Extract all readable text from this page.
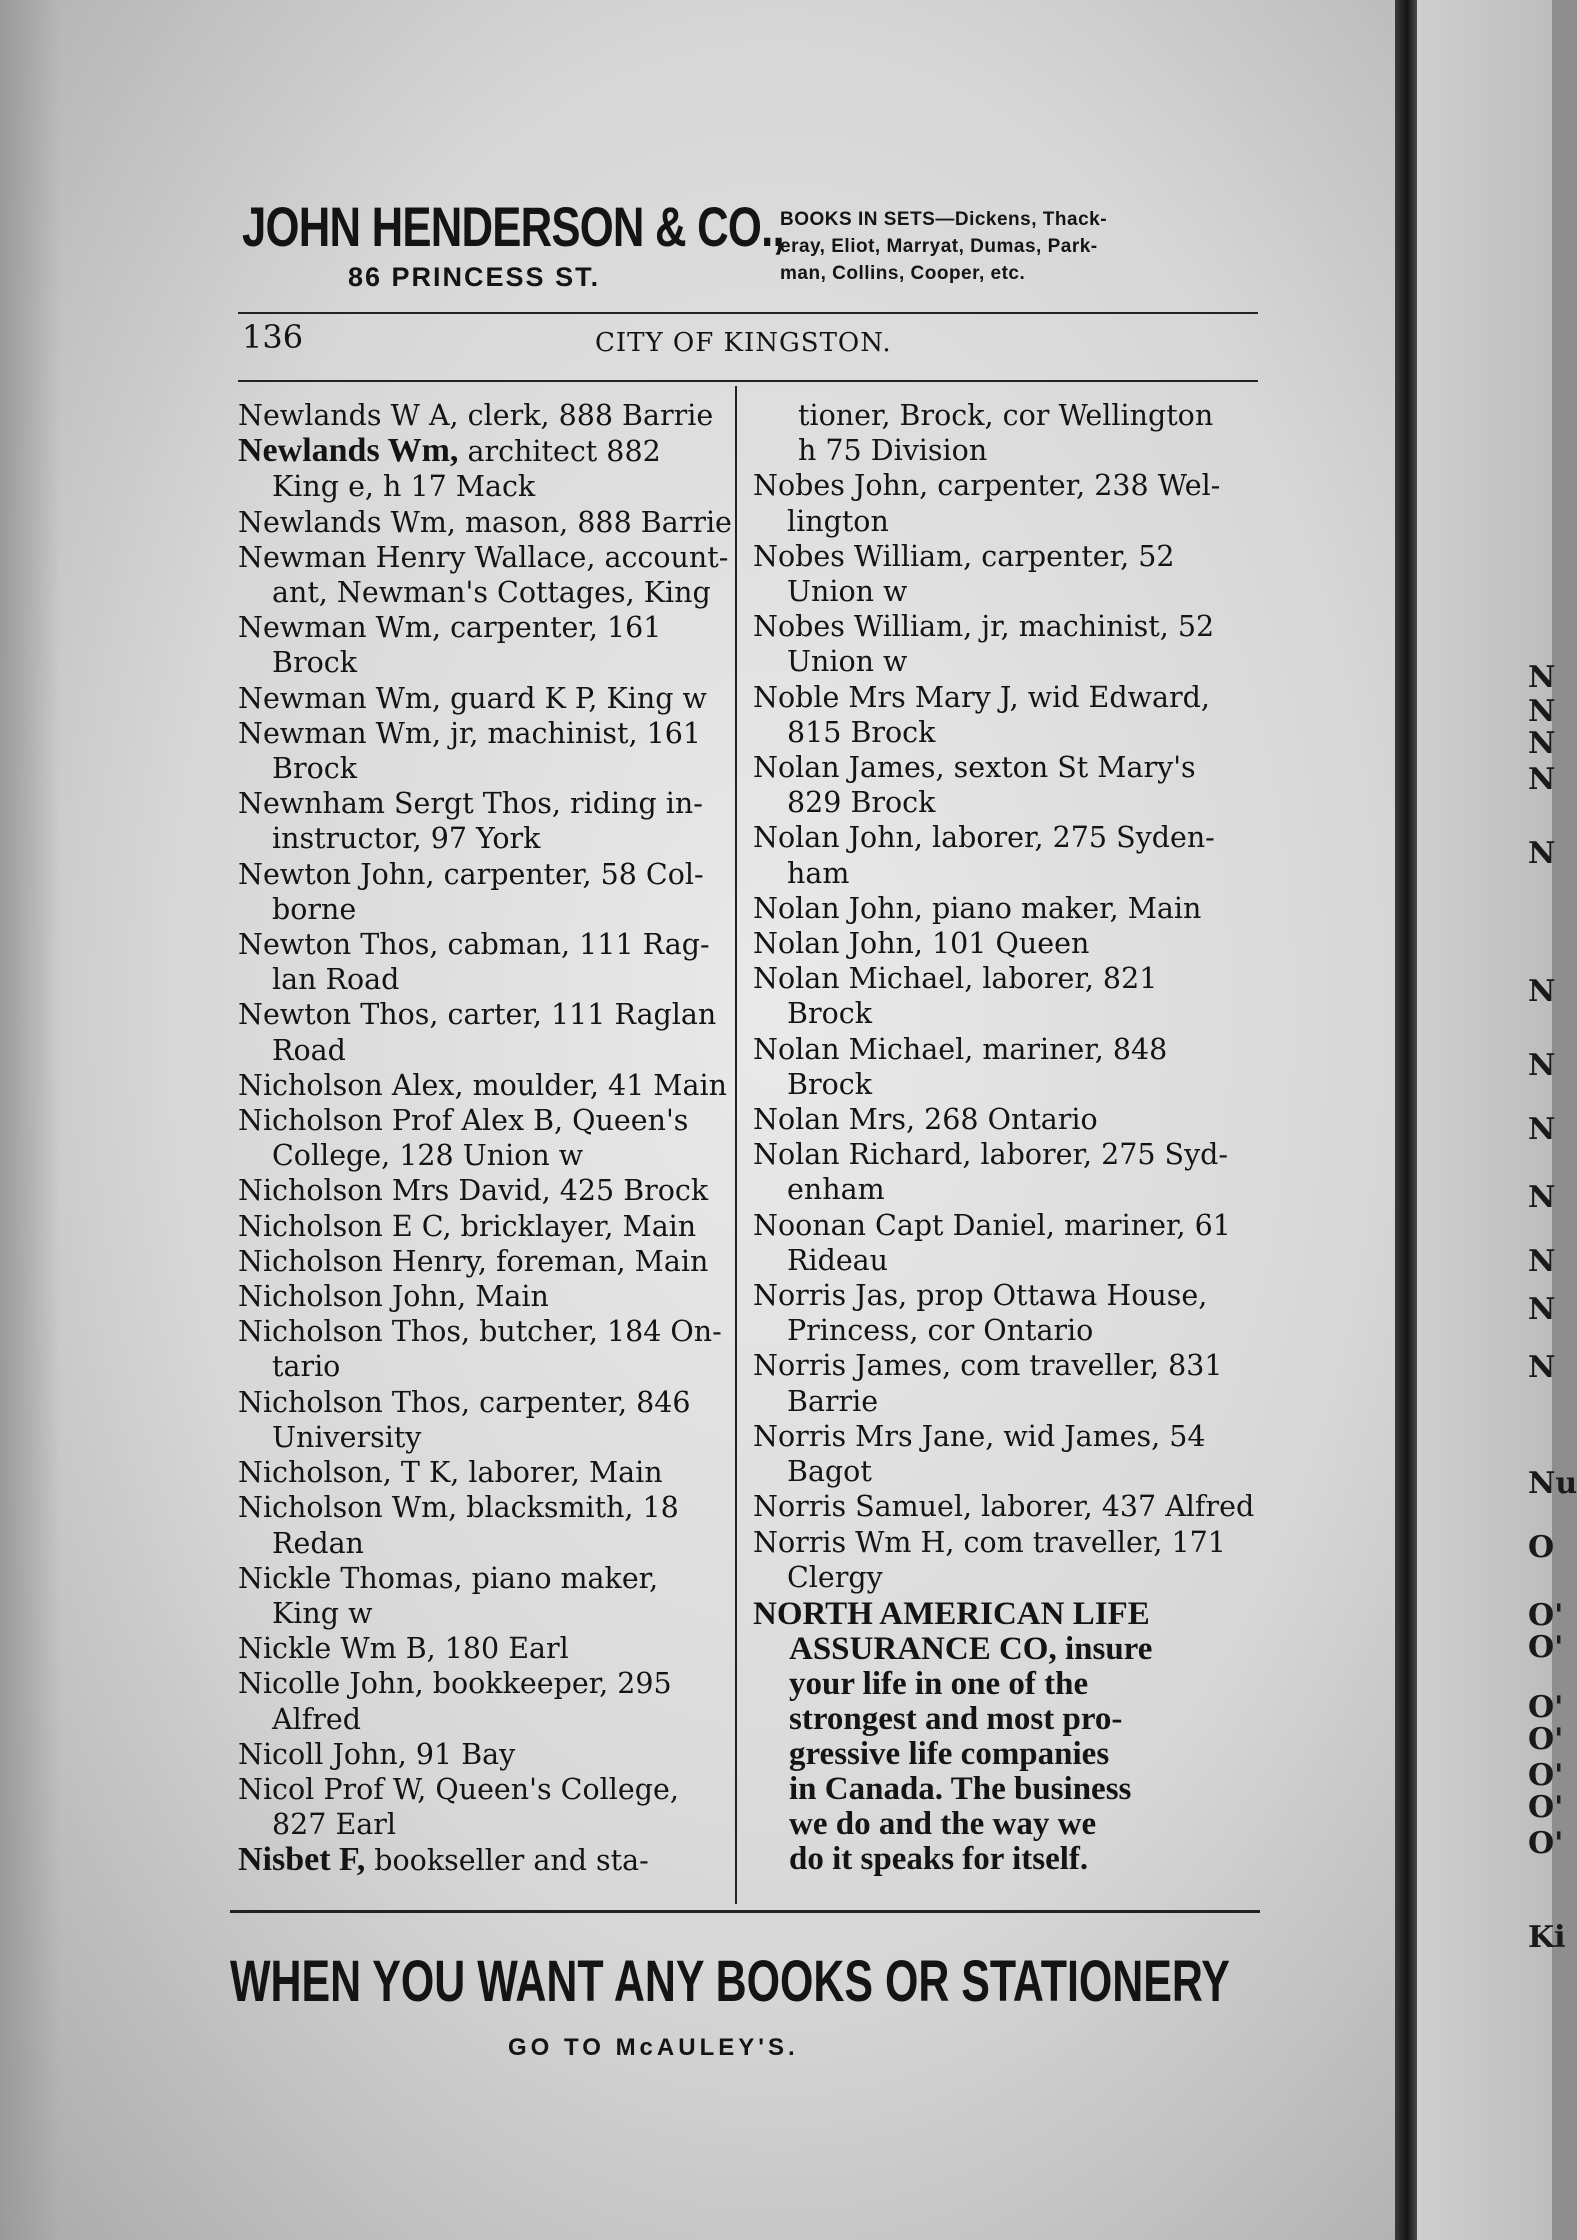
N
N
N
N
N
N
N
N
N
N
N
N
Nu
O
O'
O'
O'
O'
O'
O'
O'
Ki
JOHN HENDERSON & CO.,
86 PRINCESS ST.
BOOKS IN SETS—Dickens, Thack-
eray, Eliot, Marryat, Dumas, Park-
man, Collins, Cooper, etc.
136	CITY OF KINGSTON.
Newlands W A, clerk, 888 Barrie
Newlands Wm, architect 882
King e, h 17 Mack
Newlands Wm, mason, 888 Barrie
Newman Henry Wallace, account-
ant, Newman's Cottages, King
Newman Wm, carpenter, 161
Brock
Newman Wm, guard K P, King w
Newman Wm, jr, machinist, 161
Brock
Newnham Sergt Thos, riding in-
instructor, 97 York
Newton John, carpenter, 58 Col-
borne
Newton Thos, cabman, 111 Rag-
lan Road
Newton Thos, carter, 111 Raglan
Road
Nicholson Alex, moulder, 41 Main
Nicholson Prof Alex B, Queen's
College, 128 Union w
Nicholson Mrs David, 425 Brock
Nicholson E C, bricklayer, Main
Nicholson Henry, foreman, Main
Nicholson John, Main
Nicholson Thos, butcher, 184 On-
tario
Nicholson Thos, carpenter, 846
University
Nicholson, T K, laborer, Main
Nicholson Wm, blacksmith, 18
Redan
Nickle Thomas, piano maker,
King w
Nickle Wm B, 180 Earl
Nicolle John, bookkeeper, 295
Alfred
Nicoll John, 91 Bay
Nicol Prof W, Queen's College,
827 Earl
Nisbet F, bookseller and sta-
tioner, Brock, cor Wellington
h 75 Division
Nobes John, carpenter, 238 Wel-
lington
Nobes William, carpenter, 52
Union w
Nobes William, jr, machinist, 52
Union w
Noble Mrs Mary J, wid Edward,
815 Brock
Nolan James, sexton St Mary's
829 Brock
Nolan John, laborer, 275 Syden-
ham
Nolan John, piano maker, Main
Nolan John, 101 Queen
Nolan Michael, laborer, 821
Brock
Nolan Michael, mariner, 848
Brock
Nolan Mrs, 268 Ontario
Nolan Richard, laborer, 275 Syd-
enham
Noonan Capt Daniel, mariner, 61
Rideau
Norris Jas, prop Ottawa House,
Princess, cor Ontario
Norris James, com traveller, 831
Barrie
Norris Mrs Jane, wid James, 54
Bagot
Norris Samuel, laborer, 437 Alfred
Norris Wm H, com traveller, 171
Clergy
NORTH AMERICAN LIFE
ASSURANCE CO, insure
your life in one of the
strongest and most pro-
gressive life companies
in Canada. The business
we do and the way we
do it speaks for itself.
WHEN YOU WANT ANY BOOKS OR STATIONERY
GO TO McAULEY'S.
